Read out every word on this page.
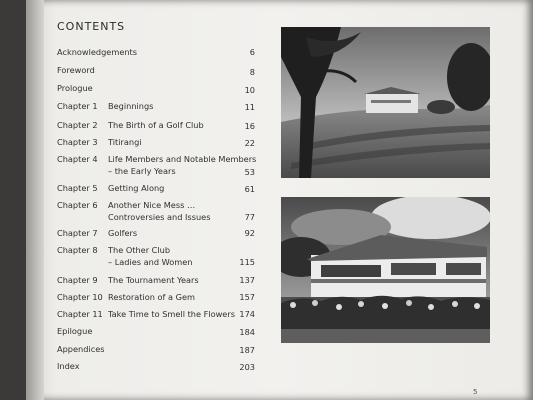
CONTENTS
Acknowledgements	6
Foreword	8
Prologue	10
Chapter 1 Beginnings	11
Chapter 2 The Birth of a Golf Club	16
Chapter 3 Titirangi	22
Chapter 4 Life Members and Notable Members
– the Early Years	53
Chapter 5 Getting Along	61
Chapter 6 Another Nice Mess …
Controversies and Issues	77
Chapter 7 Golfers	92
Chapter 8 The Other Club
– Ladies and Women	115
Chapter 9 The Tournament Years	137
Chapter 10 Restoration of a Gem	157
Chapter 11 Take Time to Smell the Flowers 174
Epilogue	184
Appendices	187
Index	203
5
